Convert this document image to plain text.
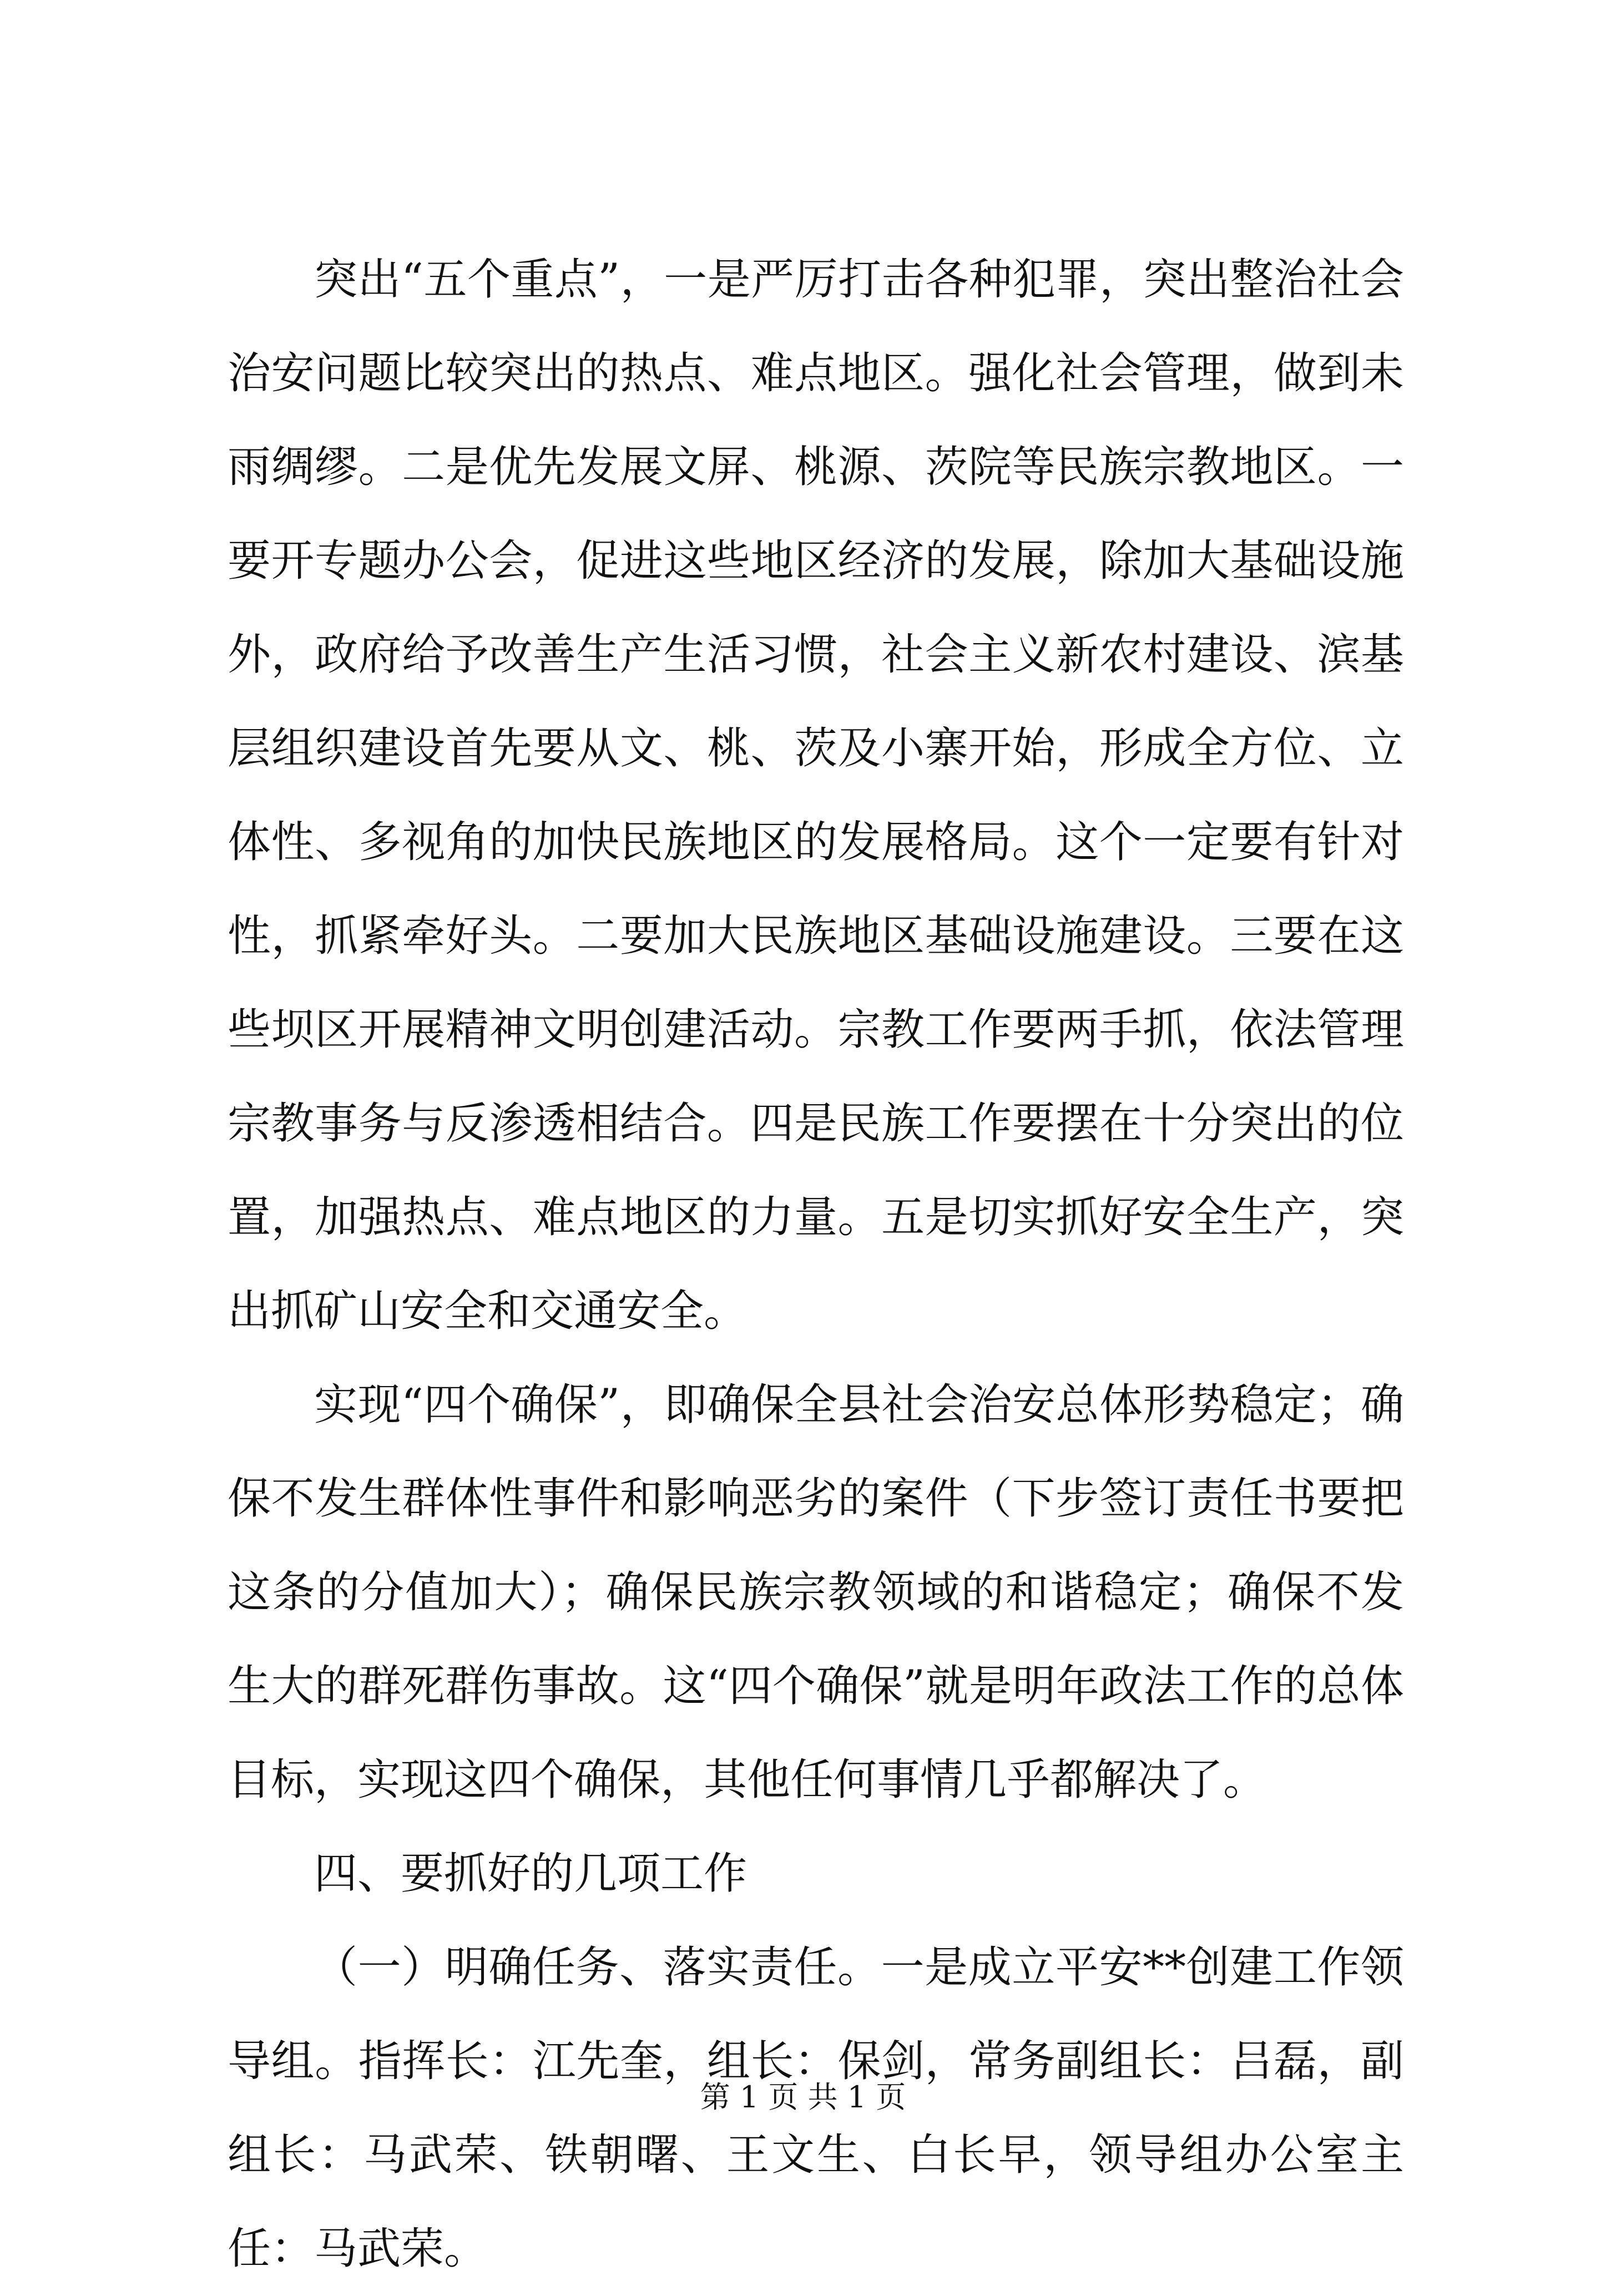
突出“五个重点”，一是严厉打击各种犯罪，突出整治社会治安问题比较突出的热点、难点地区。强化社会管理，做到未雨绸缪。二是优先发展文屏、桃源、茨院等民族宗教地区。一要开专题办公会，促进这些地区经济的发展，除加大基础设施外，政府给予改善生产生活习惯，社会主义新农村建设、滨基层组织建设首先要从文、桃、茨及小寨开始，形成全方位、立体性、多视角的加快民族地区的发展格局。这个一定要有针对性，抓紧牵好头。二要加大民族地区基础设施建设。三要在这些坝区开展精神文明创建活动。宗教工作要两手抓，依法管理宗教事务与反渗透相结合。四是民族工作要摆在十分突出的位置，加强热点、难点地区的力量。五是切实抓好安全生产，突出抓矿山安全和交通安全。

实现“四个确保”，即确保全县社会治安总体形势稳定；确保不发生群体性事件和影响恶劣的案件（下步签订责任书要把这条的分值加大）；确保民族宗教领域的和谐稳定；确保不发生大的群死群伤事故。这“四个确保”就是明年政法工作的总体目标，实现这四个确保，其他任何事情几乎都解决了。

四、要抓好的几项工作

（一）明确任务、落实责任。一是成立平安**创建工作领导组。指挥长：江先奎，组长：保剑，常务副组长：吕磊，副组长：马武荣、铁朝曙、王文生、白长早，领导组办公室主任：马武荣。

第 1 页 共 1 页
